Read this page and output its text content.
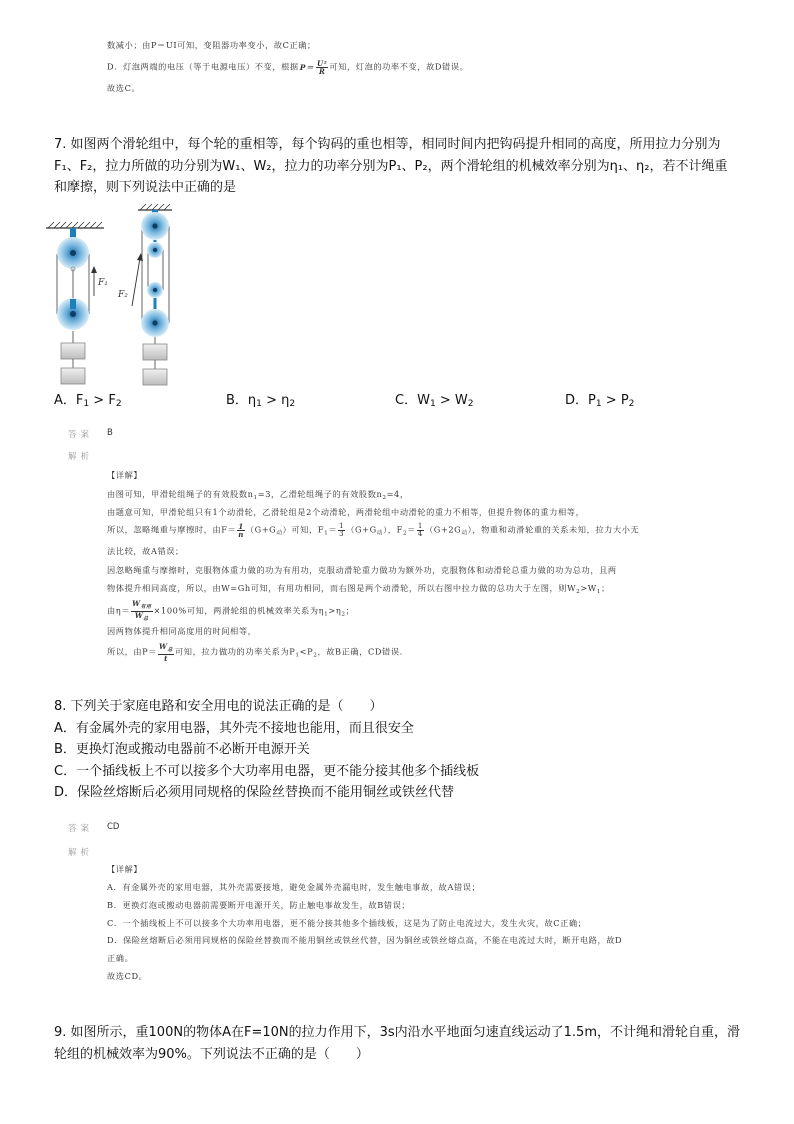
数减小；由P＝UI可知，变阻器功率变小，故C正确；
D．灯泡两端的电压（等于电源电压）不变，根据 $P= \frac{\text{U²}}{R}$ 可知，灯泡的功率不变，故D错误。
故选C。
7. 如图两个滑轮组中，每个轮的重相等，每个钩码的重也相等，相同时间内把钩码提升相同的高度，所用拉力分别为
F₁、F₂，拉力所做的功分别为W₁、W₂，拉力的功率分别为P₁、P₂，两个滑轮组的机械效率分别为η₁、η₂，若不计绳重
和摩擦，则下列说法中正确的是
F₁
F₂
A．$F_1 > F_2$	B．$\eta_1 > \eta_2$	C．$W_1 > W_2$	D．$P_1 > P_2$
答案 B
解析
【详解】
由图可知，甲滑轮组绳子的有效股数$n_1=3$，乙滑轮组绳子的有效股数$n_2=4$，
由题意可知，甲滑轮组只有1个动滑轮，乙滑轮组是2个动滑轮，两滑轮组中动滑轮的重力不相等，但提升物体的重力相等，
所以，忽略绳重与摩擦时，由$F= \frac{1}{n} (G+G_动)$可知，$F_1= \frac{1}{3} (G+G_动)$，$F_2= \frac{1}{4} (G+2G_动)$，物重和动滑轮重的关系未知，拉力大小无
法比较，故A错误；
因忽略绳重与摩擦时，克服物体重力做的功为有用功，克服动滑轮重力做功为额外功，克服物体和动滑轮总重力做的功为总功，且两
物体提升相同高度，所以，由W=Gh可知，有用功相同，而右图是两个动滑轮，所以右图中拉力做的总功大于左图，则$W_2>W_1$；
由$\eta= \frac{W_{有用}}{W_总} \times 100\%$可知，两滑轮组的机械效率关系为$\eta_1>\eta_2$；
因两物体提升相同高度用的时间相等，
所以，由$P= \frac{W_总}{t}$ 可知，拉力做功的功率关系为$P_1<P_2$，故B正确，CD错误.
8. 下列关于家庭电路和安全用电的说法正确的是（　　）
A．有金属外壳的家用电器，其外壳不接地也能用，而且很安全
B．更换灯泡或搬动电器前不必断开电源开关
C．一个插线板上不可以接多个大功率用电器，更不能分接其他多个插线板
D．保险丝熔断后必须用同规格的保险丝替换而不能用铜丝或铁丝代替
答案 CD
解析
【详解】
A．有金属外壳的家用电器，其外壳需要接地，避免金属外壳漏电时，发生触电事故，故A错误；
B．更换灯泡或搬动电器前需要断开电源开关，防止触电事故发生，故B错误；
C．一个插线板上不可以接多个大功率用电器，更不能分接其他多个插线板，这是为了防止电流过大，发生火灾，故C正确；
D．保险丝熔断后必须用同规格的保险丝替换而不能用铜丝或铁丝代替，因为铜丝或铁丝熔点高，不能在电流过大时，断开电路，故D
正确。
故选CD。
9. 如图所示，重100N的物体A在F=10N的拉力作用下，3s内沿水平地面匀速直线运动了1.5m，不计绳和滑轮自重，滑
轮组的机械效率为90%。下列说法不正确的是（　　）
